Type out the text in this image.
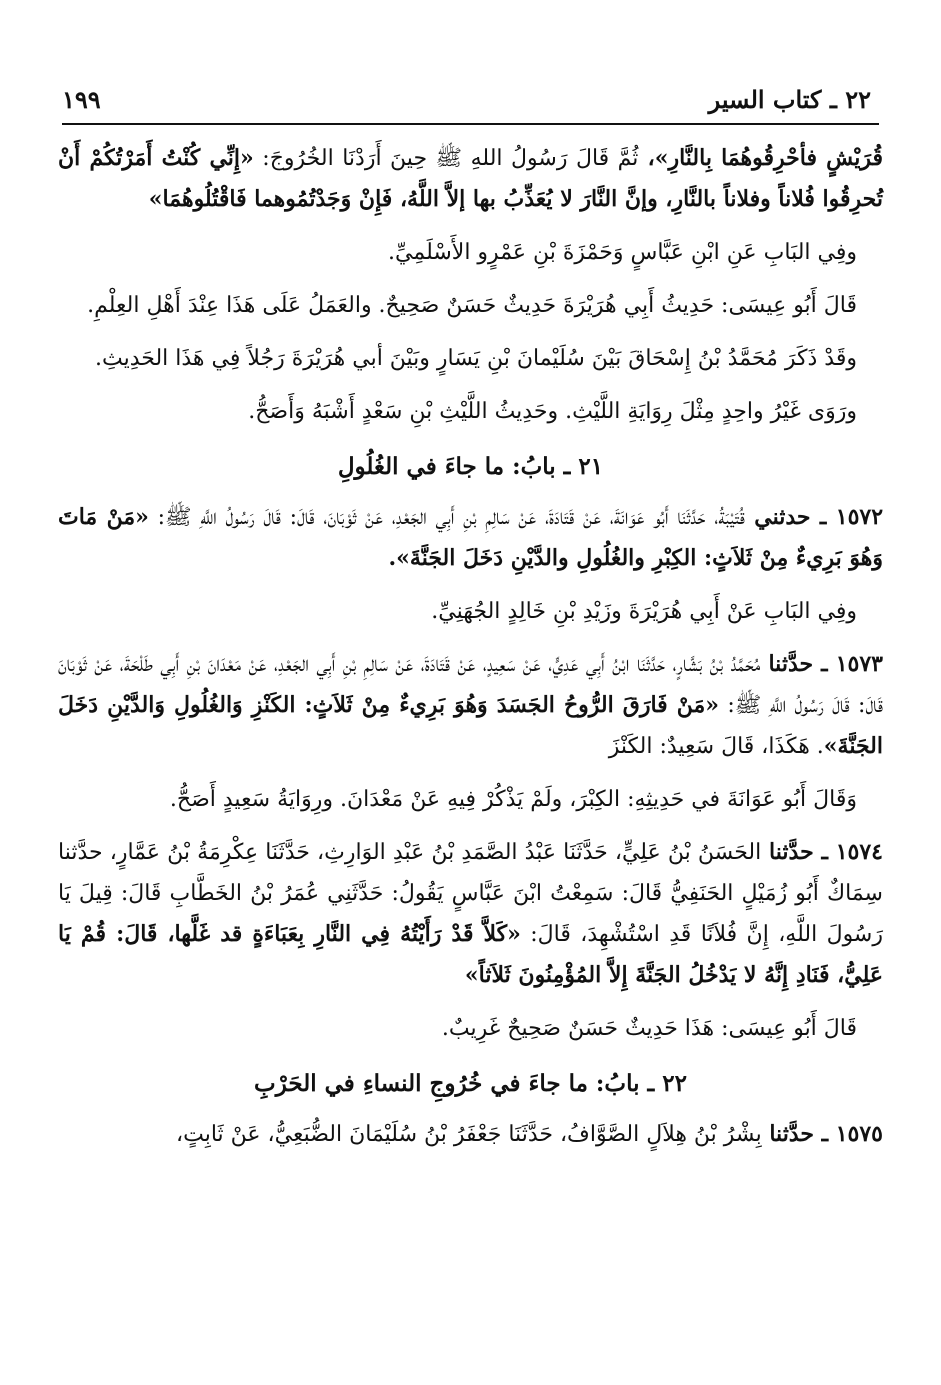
٢٢ ـ كتاب السير
١٩٩

قُرَيْشٍ فأحْرِقُوهُمَا بِالنَّارِ»، ثُمَّ قَالَ رَسُولُ اللهِ ﷺ حِينَ أَرَدْنَا الخُرُوجَ: «إِنِّي كُنْتُ أَمَرْتُكُمْ أَنْ تُحرِقُوا فُلاناً وفلاناً بالنَّارِ، وإنَّ النَّارَ لا يُعَذِّبُ بها إلاَّ اللَّهُ، فَإِنْ وَجَدْتُمُوهما فَاقْتُلُوهُمَا»

وفِي البَابِ عَنِ ابْنِ عَبَّاسٍ وَحَمْزَةَ بْنِ عَمْرٍو الأَسْلَمِيِّ.

قَالَ أَبُو عِيسَى: حَدِيثُ أَبِي هُرَيْرَةَ حَدِيثٌ حَسَنٌ صَحِيحٌ. والعَمَلُ عَلَى هَذَا عِنْدَ أَهْلِ العِلْمِ.

وقَدْ ذَكَرَ مُحَمَّدُ بْنُ إِسْحَاقَ بَيْنَ سُلَيْمانَ بْنِ يَسَارٍ وبَيْنَ أبي هُرَيْرَةَ رَجُلاً فِي هَذَا الحَدِيثِ.

ورَوَى غَيْرُ واحِدٍ مِثْلَ رِوَايَةِ اللَّيْثِ. وحَدِيثُ اللَّيْثِ بْنِ سَعْدٍ أَشْبَهُ وَأَصَحُّ.

٢١ ـ بابُ: ما جاءَ في الغُلُولِ

١٥٧٢ ـ حدثني قُتَيْبَةُ، حَدَّثَنَا أَبُو عَوَانَةَ، عَنْ قَتَادَةَ، عَنْ سَالِمِ بْنِ أَبِي الجَعْدِ، عَنْ ثَوْبَانَ، قَالَ: قَالَ رَسُولُ اللَّهِ ﷺ: «مَنْ مَاتَ وَهُوَ بَرِيءٌ مِنْ ثَلاَثٍ: الكِبْرِ والغُلُولِ والدَّيْنِ دَخَلَ الجَنَّةَ».

وفِي البَابِ عَنْ أَبِي هُرَيْرَةَ وزَيْدِ بْنِ خَالِدٍ الجُهَنِيِّ.

١٥٧٣ ـ حدَّثنا مُحَمَّدُ بْنُ بَشَّارٍ، حَدَّثَنَا ابْنُ أَبِي عَدِيٍّ، عَنْ سَعِيدٍ، عَنْ قَتَادَةَ، عَنْ سَالِمِ بْنِ أَبِي الجَعْدِ، عَنْ مَعْدَانَ بْنِ أَبِي طَلْحَةَ، عَنْ ثَوْبَانَ قَالَ: قَالَ رَسُولُ اللَّهِ ﷺ: «مَنْ فَارَقَ الرُّوحُ الجَسَدَ وَهُوَ بَرِيءٌ مِنْ ثَلاَثٍ: الكَنْزِ وَالغُلُولِ وَالدَّيْنِ دَخَلَ الجَنَّةَ». هَكَذَا، قَالَ سَعِيدٌ: الكَنْزَ

وَقَالَ أَبُو عَوَانَةَ في حَدِيثِهِ: الكِبْرَ، ولَمْ يَذْكُرْ فِيهِ عَنْ مَعْدَانَ. ورِوَايَةُ سَعِيدٍ أَصَحُّ.

١٥٧٤ ـ حدَّثنا الحَسَنُ بْنُ عَلِيٍّ، حَدَّثَنَا عَبْدُ الصَّمَدِ بْنُ عَبْدِ الوَارِثِ، حَدَّثَنَا عِكْرِمَةُ بْنُ عَمَّارٍ، حدَّثنا سِمَاكٌ أَبُو زُمَيْلٍ الحَنَفِيُّ قَالَ: سَمِعْتُ ابْنَ عَبَّاسٍ يَقُولُ: حَدَّثَنِي عُمَرُ بْنُ الخَطَّابِ قَالَ: قِيلَ يَا رَسُولَ اللَّهِ، إِنَّ فُلاَنًا قَدِ اسْتُشْهِدَ، قَالَ: «كَلاَّ قَدْ رَأَيْتُهُ فِي النَّارِ بِعَبَاءَةٍ قد غَلَّها، قَالَ: قُمْ يَا عَلِيُّ، فَنَادِ إِنَّهُ لا يَدْخُلُ الجَنَّةَ إِلاَّ المُؤْمِنُونَ ثَلاَثاً»

قَالَ أَبُو عِيسَى: هَذَا حَدِيثٌ حَسَنٌ صَحِيحٌ غَرِيبٌ.

٢٢ ـ بابُ: ما جاءَ في خُرُوجِ النساءِ في الحَرْبِ

١٥٧٥ ـ حدَّثنا بِشْرُ بْنُ هِلاَلٍ الصَّوَّافُ، حَدَّثَنَا جَعْفَرُ بْنُ سُلَيْمَانَ الضُّبَعِيُّ، عَنْ ثَابِتٍ،
